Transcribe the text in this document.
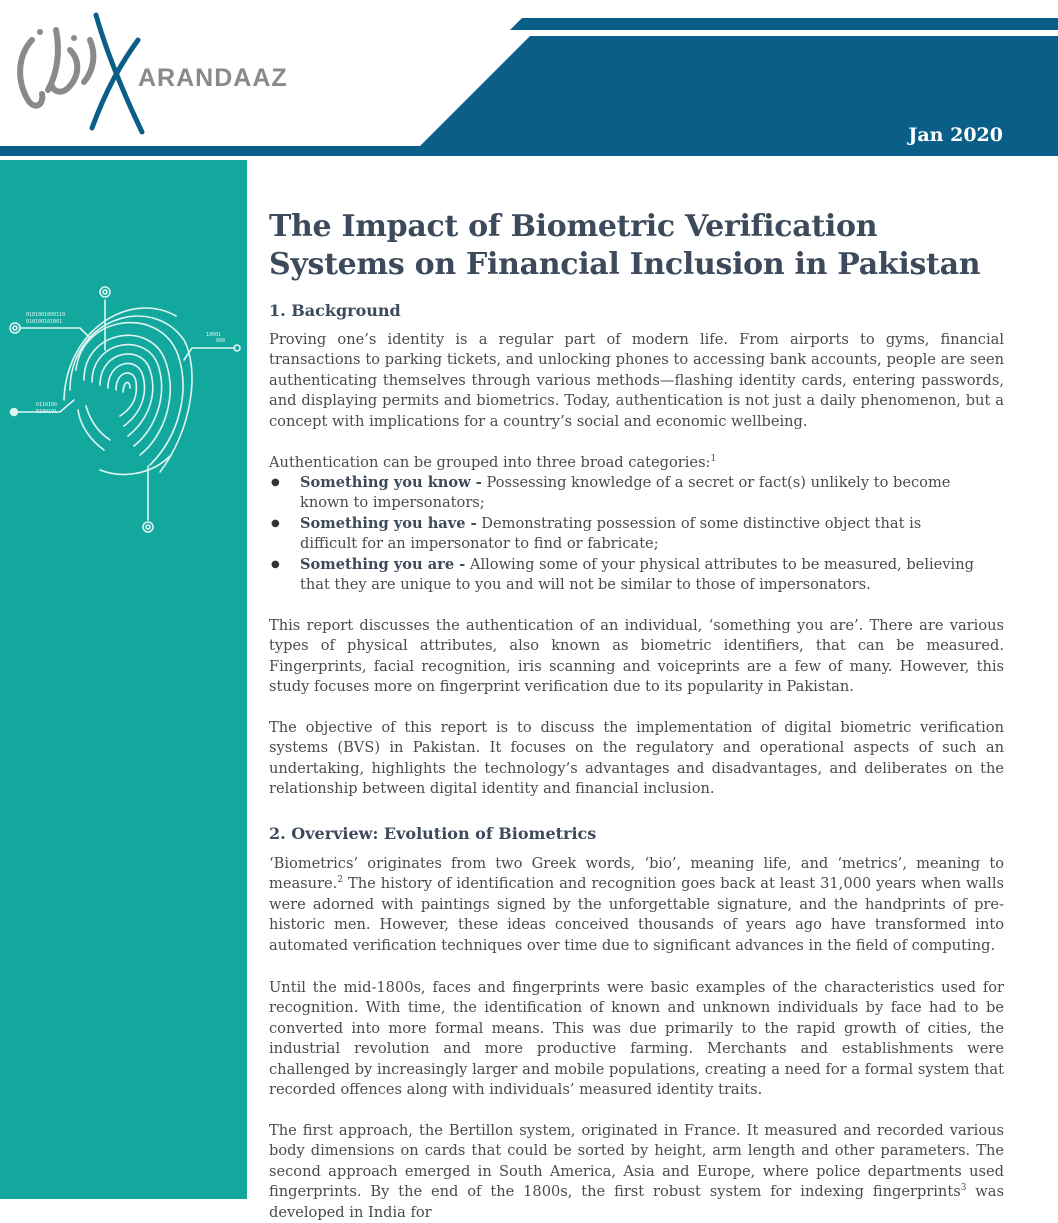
ARANDAAZ
Jan 2020
0101001000110
010100101001
0110100
0100101
10001
000
The Impact of Biometric Verification Systems on Financial Inclusion in Pakistan
1. Background

Proving one’s identity is a regular part of modern life. From airports to gyms, financial transactions to parking tickets, and unlocking phones to accessing bank accounts, people are seen authenticating themselves through various methods—flashing identity cards, entering passwords, and displaying permits and biometrics. Today, authentication is not just a daily phenomenon, but a concept with implications for a country’s social and economic wellbeing.

Authentication can be grouped into three broad categories:$^1$

● Something you know - Possessing knowledge of a secret or fact(s) unlikely to become known to impersonators;
● Something you have - Demonstrating possession of some distinctive object that is difficult for an impersonator to find or fabricate;
● Something you are - Allowing some of your physical attributes to be measured, believing that they are unique to you and will not be similar to those of impersonators.

This report discusses the authentication of an individual, ‘something you are’. There are various types of physical attributes, also known as biometric identifiers, that can be measured. Fingerprints, facial recognition, iris scanning and voiceprints are a few of many. However, this study focuses more on fingerprint verification due to its popularity in Pakistan.

The objective of this report is to discuss the implementation of digital biometric verification systems (BVS) in Pakistan. It focuses on the regulatory and operational aspects of such an undertaking, highlights the technology’s advantages and disadvantages, and deliberates on the relationship between digital identity and financial inclusion.

2. Overview: Evolution of Biometrics

‘Biometrics’ originates from two Greek words, ‘bio’, meaning life, and ‘metrics’, meaning to measure.$^2$ The history of identification and recognition goes back at least 31,000 years when walls were adorned with paintings signed by the unforgettable signature, and the handprints of pre-historic men. However, these ideas conceived thousands of years ago have transformed into automated verification techniques over time due to significant advances in the field of computing.

Until the mid-1800s, faces and fingerprints were basic examples of the characteristics used for recognition. With time, the identification of known and unknown individuals by face had to be converted into more formal means. This was due primarily to the rapid growth of cities, the industrial revolution and more productive farming. Merchants and establishments were challenged by increasingly larger and mobile populations, creating a need for a formal system that recorded offences along with individuals’ measured identity traits.

The first approach, the Bertillon system, originated in France. It measured and recorded various body dimensions on cards that could be sorted by height, arm length and other parameters. The second approach emerged in South America, Asia and Europe, where police departments used fingerprints. By the end of the 1800s, the first robust system for indexing fingerprints$^3$ was developed in India for
